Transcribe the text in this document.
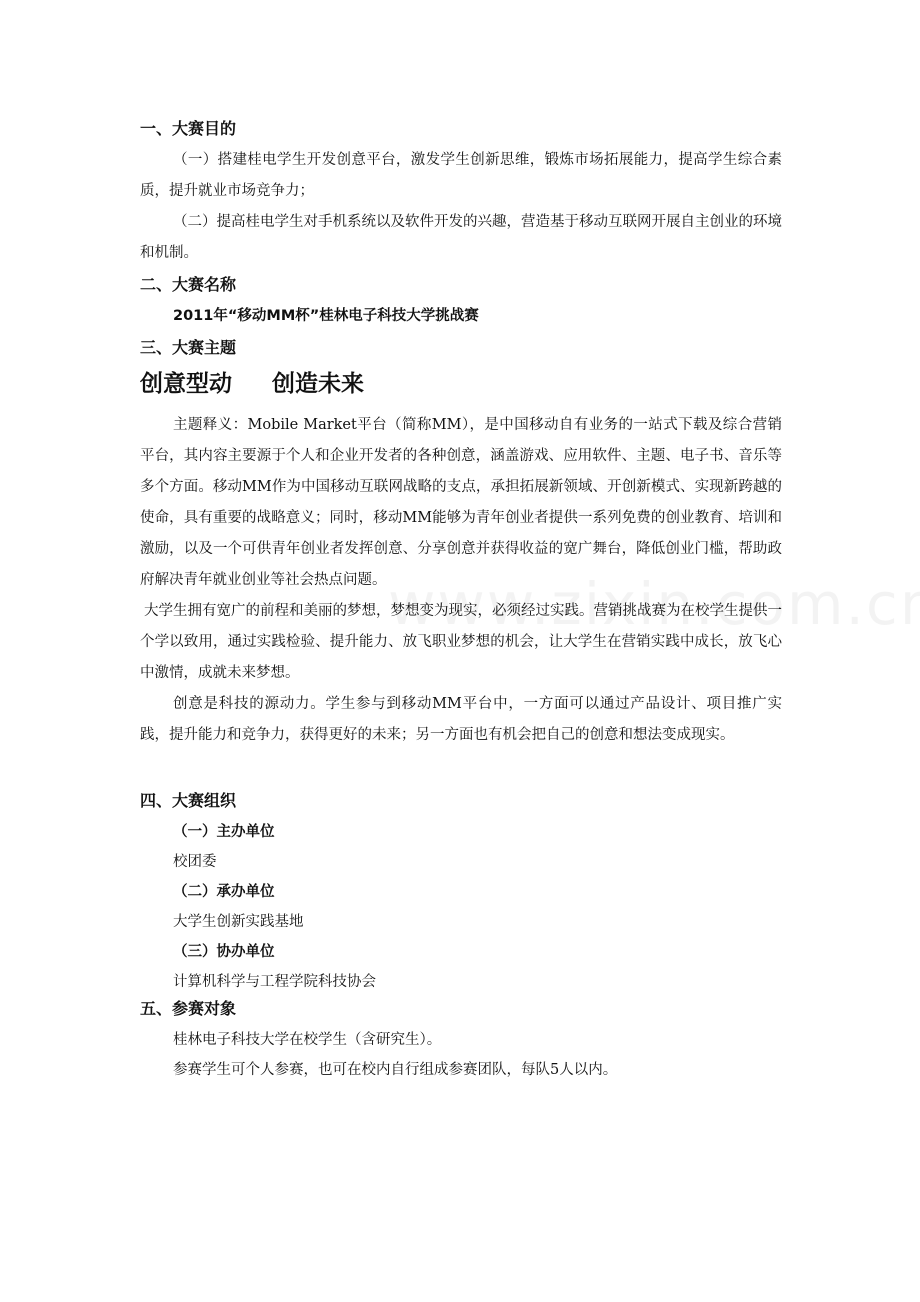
一、大赛目的

（一）搭建桂电学生开发创意平台，激发学生创新思维，锻炼市场拓展能力，提高学生综合素质，提升就业市场竞争力；

（二）提高桂电学生对手机系统以及软件开发的兴趣，营造基于移动互联网开展自主创业的环境和机制。

二、大赛名称

2011年“移动MM杯”桂林电子科技大学挑战赛

三、大赛主题
创意型动     创造未来

主题释义：Mobile Market平台（简称MM），是中国移动自有业务的一站式下载及综合营销平台，其内容主要源于个人和企业开发者的各种创意，涵盖游戏、应用软件、主题、电子书、音乐等多个方面。移动MM作为中国移动互联网战略的支点，承担拓展新领域、开创新模式、实现新跨越的使命，具有重要的战略意义；同时，移动MM能够为青年创业者提供一系列免费的创业教育、培训和激励，以及一个可供青年创业者发挥创意、分享创意并获得收益的宽广舞台，降低创业门槛，帮助政府解决青年就业创业等社会热点问题。

大学生拥有宽广的前程和美丽的梦想，梦想变为现实，必须经过实践。营销挑战赛为在校学生提供一个学以致用，通过实践检验、提升能力、放飞职业梦想的机会，让大学生在营销实践中成长，放飞心中激情，成就未来梦想。

创意是科技的源动力。学生参与到移动MM平台中，一方面可以通过产品设计、项目推广实践，提升能力和竞争力，获得更好的未来；另一方面也有机会把自己的创意和想法变成现实。

四、大赛组织
（一）主办单位
校团委
（二）承办单位
大学生创新实践基地
（三）协办单位
计算机科学与工程学院科技协会
五、参赛对象
桂林电子科技大学在校学生（含研究生）。
参赛学生可个人参赛，也可在校内自行组成参赛团队，每队5人以内。
